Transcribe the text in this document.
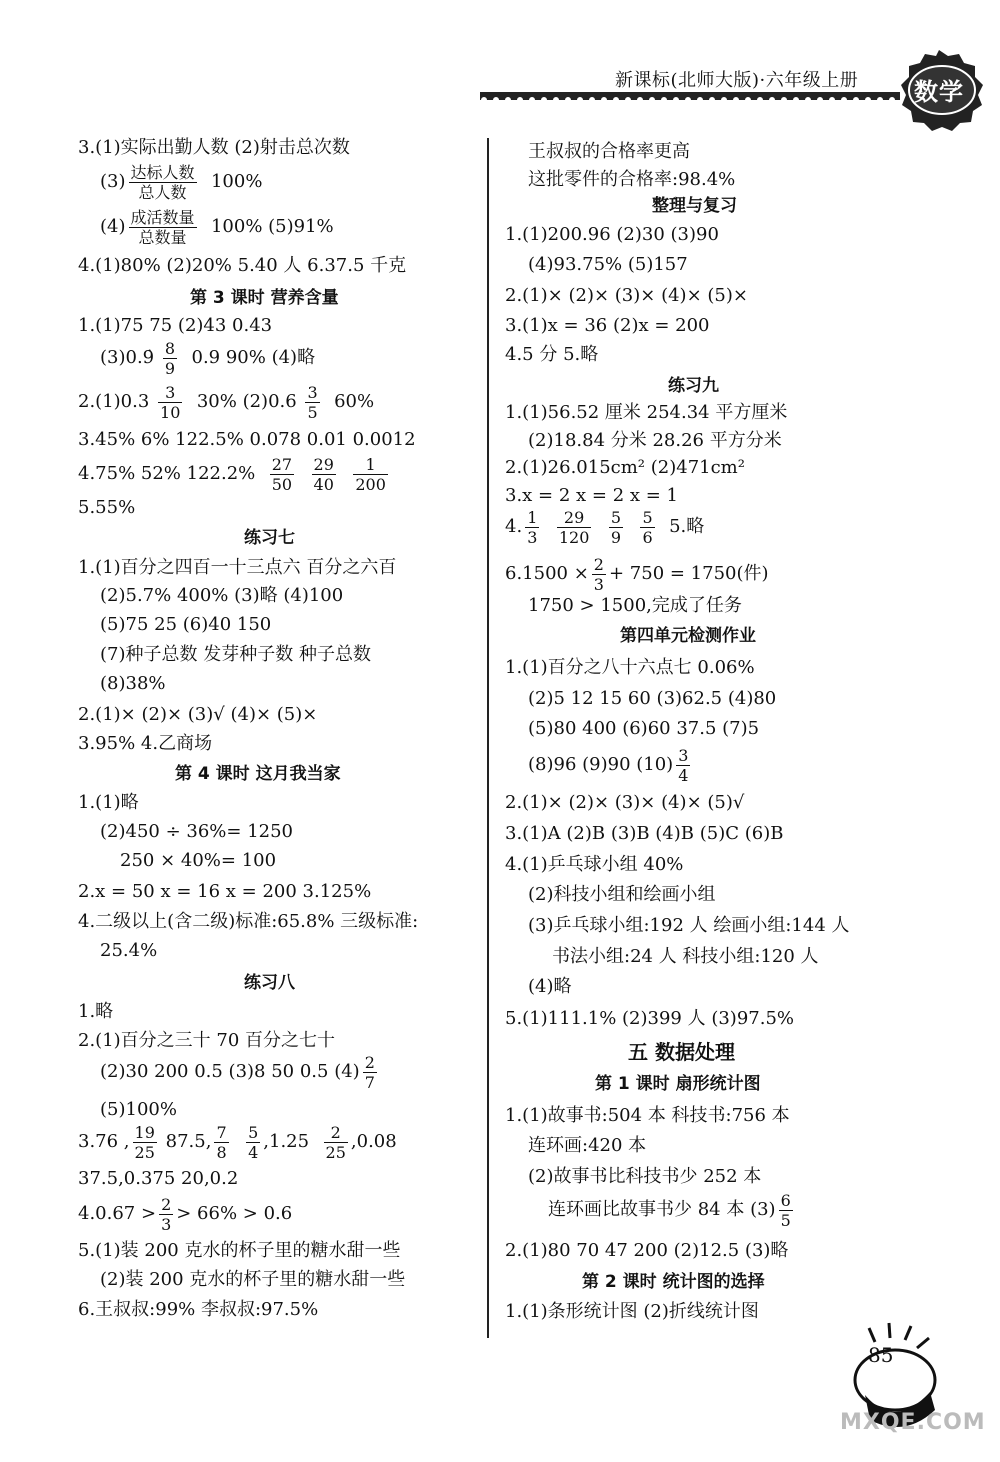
新课标(北师大版)·六年级上册	数学
3.(1)实际出勤人数 (2)射击总次数
$(3) \frac{\text{达标人数}}{\text{总人数}} 100\%$
$(4) \frac{\text{成活数量}}{\text{总数量}} 100\%$ (5)91%
4.(1)80% (2)20% 5.40 人 6.37.5 千克
第 3 课时 营养含量
1.(1)75 75 (2)43 0.43
(3)0.9̇ $\frac{8}{9} 0.9$ 90% (4)略
$2.(1)0.3 \frac{3}{10} 30\%$ $(2)0.6 \frac{3}{5} 60\%$
3.45% 6% 122.5% 0.078 0.01 0.0012
4.75% 52% $122.2\% \frac{27}{50}$
$\frac{29}{40}$
$\frac{1}{200}$
5.55%
练习七
1.(1)百分之四百一十三点六 百分之六百
(2)5.7% 400% (3)略 (4)100
(5)75 25 (6)40 150
(7)种子总数 发芽种子数 种子总数
(8)38%
2.(1)× (2)× (3)√ (4)× (5)×
3.95% 4.乙商场
第 4 课时 这月我当家
1.(1)略
(2)450 ÷ 36%= 1250
250 × 40%= 100
2.x = 50 x = 16 x = 200 3.125%
4.二级以上(含二级)标准:65.8% 三级标准:
25.4%
练习八
1.略
2.(1)百分之三十 70 百分之七十
(2)30 200 0.5 (3)8 50 0.5 $(4) \frac{2}{7}$
(5)100%
3.76 , $\frac{19}{25} 87.5$, $\frac{7}{8}$
$\frac{5}{4} ,1.25 \frac{2}{25} ,0.08$
37.5,0.375 20,0.2
$4.0.67 > \frac{2}{3} > 66\% > 0.6$
5.(1)装 200 克水的杯子里的糖水甜一些
(2)装 200 克水的杯子里的糖水甜一些
6.王叔叔:99% 李叔叔:97.5%
王叔叔的合格率更高
这批零件的合格率:98.4%
整理与复习
1.(1)200.96 (2)30 (3)90
(4)93.75% (5)157
2.(1)× (2)× (3)× (4)× (5)×
3.(1)x = 36 (2)x = 200
4.5 分 5.略
练习九
1.(1)56.52 厘米 254.34 平方厘米
(2)18.84 分米 28.26 平方分米
2.(1)26.015cm² (2)471cm²
3.x = 2 x = 2 x = 1
4. $\frac{1}{3}$
$\frac{29}{120}$
$\frac{5}{9}$
$\frac{5}{6} 5$.略
$6.1500 \times \frac{2}{3} + 750 = 1750$(件)
1750 > 1500,完成了任务
第四单元检测作业
1.(1)百分之八十六点七 0.06%
(2)5 12 15 60 (3)62.5 (4)80
(5)80 400 (6)60 37.5 (7)5
(8)96 (9)90 $(10) \frac{3}{4}$
2.(1)× (2)× (3)× (4)× (5)√
3.(1)A (2)B (3)B (4)B (5)C (6)B
4.(1)乒乓球小组 40%
(2)科技小组和绘画小组
(3)乒乓球小组:192 人 绘画小组:144 人
书法小组:24 人 科技小组:120 人
(4)略
5.(1)111.1% (2)399 人 (3)97.5%
五 数据处理
第 1 课时 扇形统计图
1.(1)故事书:504 本 科技书:756 本
连环画:420 本
(2)故事书比科技书少 252 本
连环画比故事书少 84 本 $(3) \frac{6}{5}$
2.(1)80 70 47 200 (2)12.5 (3)略
第 2 课时 统计图的选择
1.(1)条形统计图 (2)折线统计图
85
MXQE.COM
